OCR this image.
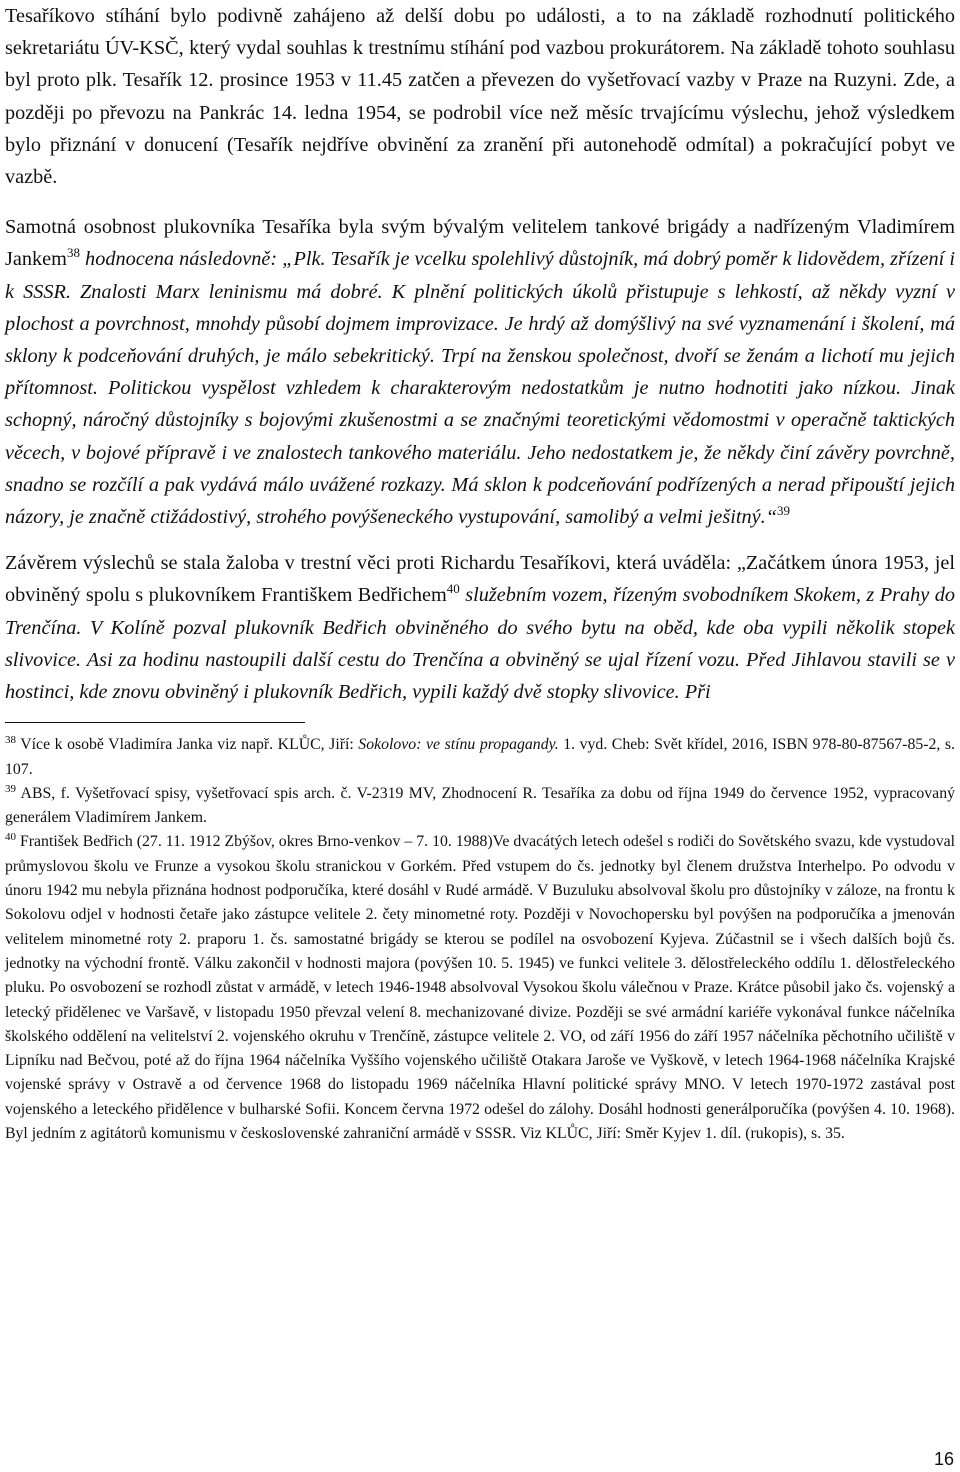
Tesaříkovo stíhání bylo podivně zahájeno až delší dobu po události, a to na základě rozhodnutí politického sekretariátu ÚV-KSČ, který vydal souhlas k trestnímu stíhání pod vazbou prokurátorem. Na základě tohoto souhlasu byl proto plk. Tesařík 12. prosince 1953 v 11.45 zatčen a převezen do vyšetřovací vazby v Praze na Ruzyni. Zde, a později po převozu na Pankrác 14. ledna 1954, se podrobil více než měsíc trvajícímu výslechu, jehož výsledkem bylo přiznání v donucení (Tesařík nejdříve obvinění za zranění při autonehodě odmítal) a pokračující pobyt ve vazbě.

Samotná osobnost plukovníka Tesaříka byla svým bývalým velitelem tankové brigády a nadřízeným Vladimírem Jankem$^{38}$ hodnocena následovně: „Plk. Tesařík je vcelku spolehlivý důstojník, má dobrý poměr k lidovědem, zřízení i k SSSR. Znalosti Marx leninismu má dobré. K plnění politických úkolů přistupuje s lehkostí, až někdy vyzní v plochost a povrchnost, mnohdy působí dojmem improvizace. Je hrdý až domýšlivý na své vyznamenání i školení, má sklony k podceňování druhých, je málo sebekritický. Trpí na ženskou společnost, dvoří se ženám a lichotí mu jejich přítomnost. Politickou vyspělost vzhledem k charakterovým nedostatkům je nutno hodnotiti jako nízkou. Jinak schopný, náročný důstojníky s bojovými zkušenostmi a se značnými teoretickými vědomostmi v operačně taktických věcech, v bojové přípravě i ve znalostech tankového materiálu. Jeho nedostatkem je, že někdy činí závěry povrchně, snadno se rozčílí a pak vydává málo uvážené rozkazy. Má sklon k podceňování podřízených a nerad připouští jejich názory, je značně ctižádostivý, strohého povýšeneckého vystupování, samolibý a velmi ješitný.“$^{39}$

Závěrem výslechů se stala žaloba v trestní věci proti Richardu Tesaříkovi, která uváděla: „Začátkem února 1953, jel obviněný spolu s plukovníkem Františkem Bedřichem$^{40}$ služebním vozem, řízeným svobodníkem Skokem, z Prahy do Trenčína. V Kolíně pozval plukovník Bedřich obviněného do svého bytu na oběd, kde oba vypili několik stopek slivovice. Asi za hodinu nastoupili další cestu do Trenčína a obviněný se ujal řízení vozu. Před Jihlavou stavili se v hostinci, kde znovu obviněný i plukovník Bedřich, vypili každý dvě stopky slivovice. Při

$^{38}$ Více k osobě Vladimíra Janka viz např. KLŮC, Jiří: Sokolovo: ve stínu propagandy. 1. vyd. Cheb: Svět křídel, 2016, ISBN 978-80-87567-85-2, s. 107.

$^{39}$ ABS, f. Vyšetřovací spisy, vyšetřovací spis arch. č. V-2319 MV, Zhodnocení R. Tesaříka za dobu od října 1949 do července 1952, vypracovaný generálem Vladimírem Jankem.

$^{40}$ František Bedřich (27. 11. 1912 Zbýšov, okres Brno-venkov – 7. 10. 1988)Ve dvacátých letech odešel s rodiči do Sovětského svazu, kde vystudoval průmyslovou školu ve Frunze a vysokou školu stranickou v Gorkém. Před vstupem do čs. jednotky byl členem družstva Interhelpo. Po odvodu v únoru 1942 mu nebyla přiznána hodnost podporučíka, které dosáhl v Rudé armádě. V Buzuluku absolvoval školu pro důstojníky v záloze, na frontu k Sokolovu odjel v hodnosti četaře jako zástupce velitele 2. čety minometné roty. Později v Novochopersku byl povýšen na podporučíka a jmenován velitelem minometné roty 2. praporu 1. čs. samostatné brigády se kterou se podílel na osvobození Kyjeva. Zúčastnil se i všech dalších bojů čs. jednotky na východní frontě. Válku zakončil v hodnosti majora (povýšen 10. 5. 1945) ve funkci velitele 3. dělostřeleckého oddílu 1. dělostřeleckého pluku. Po osvobození se rozhodl zůstat v armádě, v letech 1946-1948 absolvoval Vysokou školu válečnou v Praze. Krátce působil jako čs. vojenský a letecký přidělenec ve Varšavě, v listopadu 1950 převzal velení 8. mechanizované divize. Později se své armádní kariéře vykonával funkce náčelníka školského oddělení na velitelství 2. vojenského okruhu v Trenčíně, zástupce velitele 2. VO, od září 1956 do září 1957 náčelníka pěchotního učiliště v Lipníku nad Bečvou, poté až do října 1964 náčelníka Vyššího vojenského učiliště Otakara Jaroše ve Vyškově, v letech 1964-1968 náčelníka Krajské vojenské správy v Ostravě a od července 1968 do listopadu 1969 náčelníka Hlavní politické správy MNO. V letech 1970-1972 zastával post vojenského a leteckého přidělence v bulharské Sofii. Koncem června 1972 odešel do zálohy. Dosáhl hodnosti generálporučíka (povýšen 4. 10. 1968). Byl jedním z agitátorů komunismu v československé zahraniční armádě v SSSR. Viz KLŮC, Jiří: Směr Kyjev 1. díl. (rukopis), s. 35.

16
